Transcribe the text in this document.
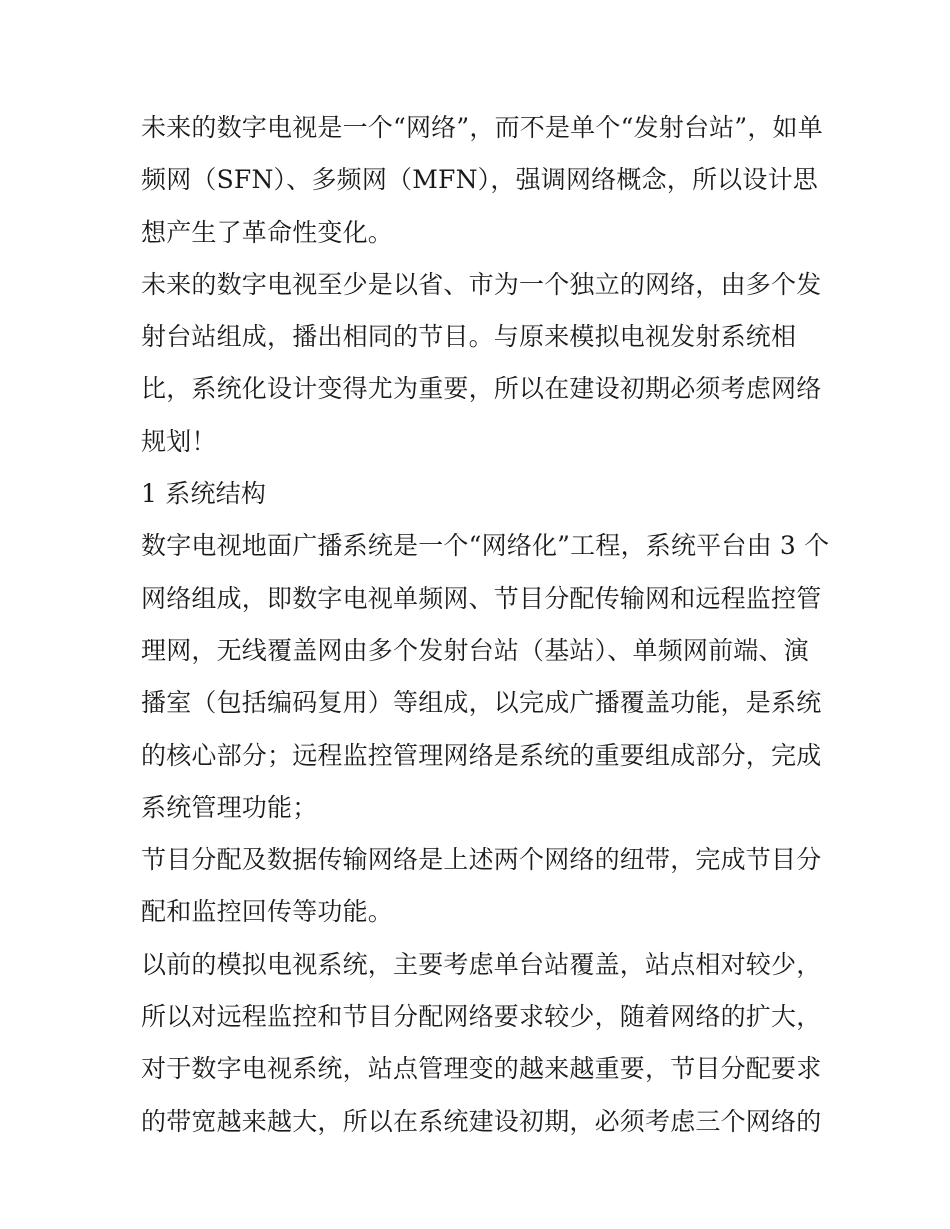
未来的数字电视是一个“网络”，而不是单个“发射台站”，如单
频网（SFN）、多频网（MFN），强调网络概念，所以设计思
想产生了革命性变化。
未来的数字电视至少是以省、市为一个独立的网络，由多个发
射台站组成，播出相同的节目。与原来模拟电视发射系统相
比，系统化设计变得尤为重要，所以在建设初期必须考虑网络
规划！
1 系统结构
数字电视地面广播系统是一个“网络化”工程，系统平台由 3 个
网络组成，即数字电视单频网、节目分配传输网和远程监控管
理网，无线覆盖网由多个发射台站（基站）、单频网前端、演
播室（包括编码复用）等组成，以完成广播覆盖功能，是系统
的核心部分；远程监控管理网络是系统的重要组成部分，完成
系统管理功能；
节目分配及数据传输网络是上述两个网络的纽带，完成节目分
配和监控回传等功能。
以前的模拟电视系统，主要考虑单台站覆盖，站点相对较少，
所以对远程监控和节目分配网络要求较少，随着网络的扩大，
对于数字电视系统，站点管理变的越来越重要，节目分配要求
的带宽越来越大，所以在系统建设初期，必须考虑三个网络的
